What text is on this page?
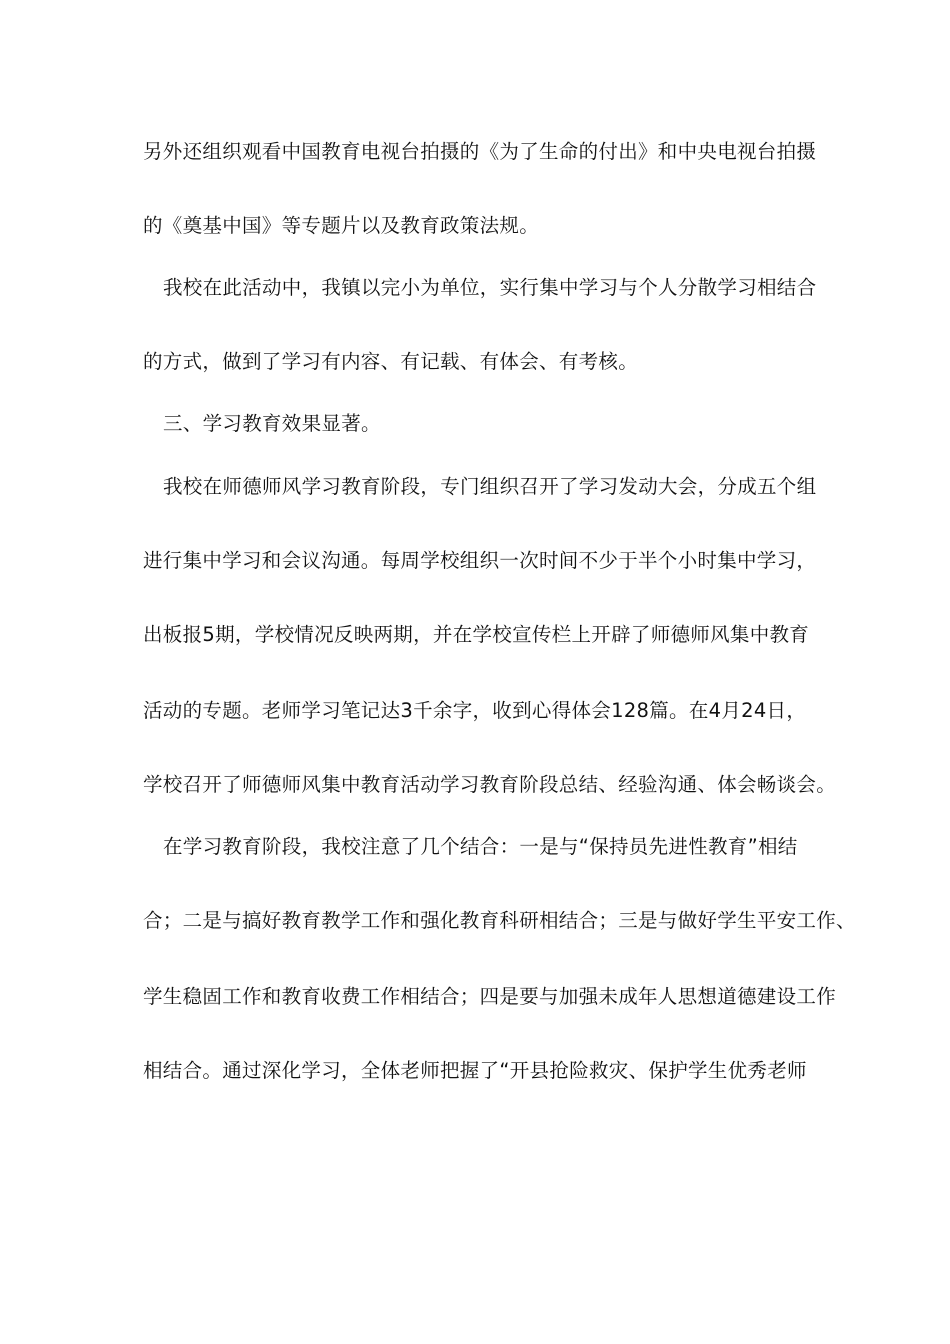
另外还组织观看中国教育电视台拍摄的《为了生命的付出》和中央电视台拍摄
的《奠基中国》等专题片以及教育政策法规。
我校在此活动中，我镇以完小为单位，实行集中学习与个人分散学习相结合
的方式，做到了学习有内容、有记载、有体会、有考核。
三、学习教育效果显著。
我校在师德师风学习教育阶段，专门组织召开了学习发动大会，分成五个组
进行集中学习和会议沟通。每周学校组织一次时间不少于半个小时集中学习，
出板报5期，学校情况反映两期，并在学校宣传栏上开辟了师德师风集中教育
活动的专题。老师学习笔记达3千余字，收到心得体会128篇。在4月24日，
学校召开了师德师风集中教育活动学习教育阶段总结、经验沟通、体会畅谈会。
在学习教育阶段，我校注意了几个结合：一是与“保持员先进性教育”相结
合；二是与搞好教育教学工作和强化教育科研相结合；三是与做好学生平安工作、
学生稳固工作和教育收费工作相结合；四是要与加强未成年人思想道德建设工作
相结合。通过深化学习，全体老师把握了“开县抢险救灾、保护学生优秀老师
